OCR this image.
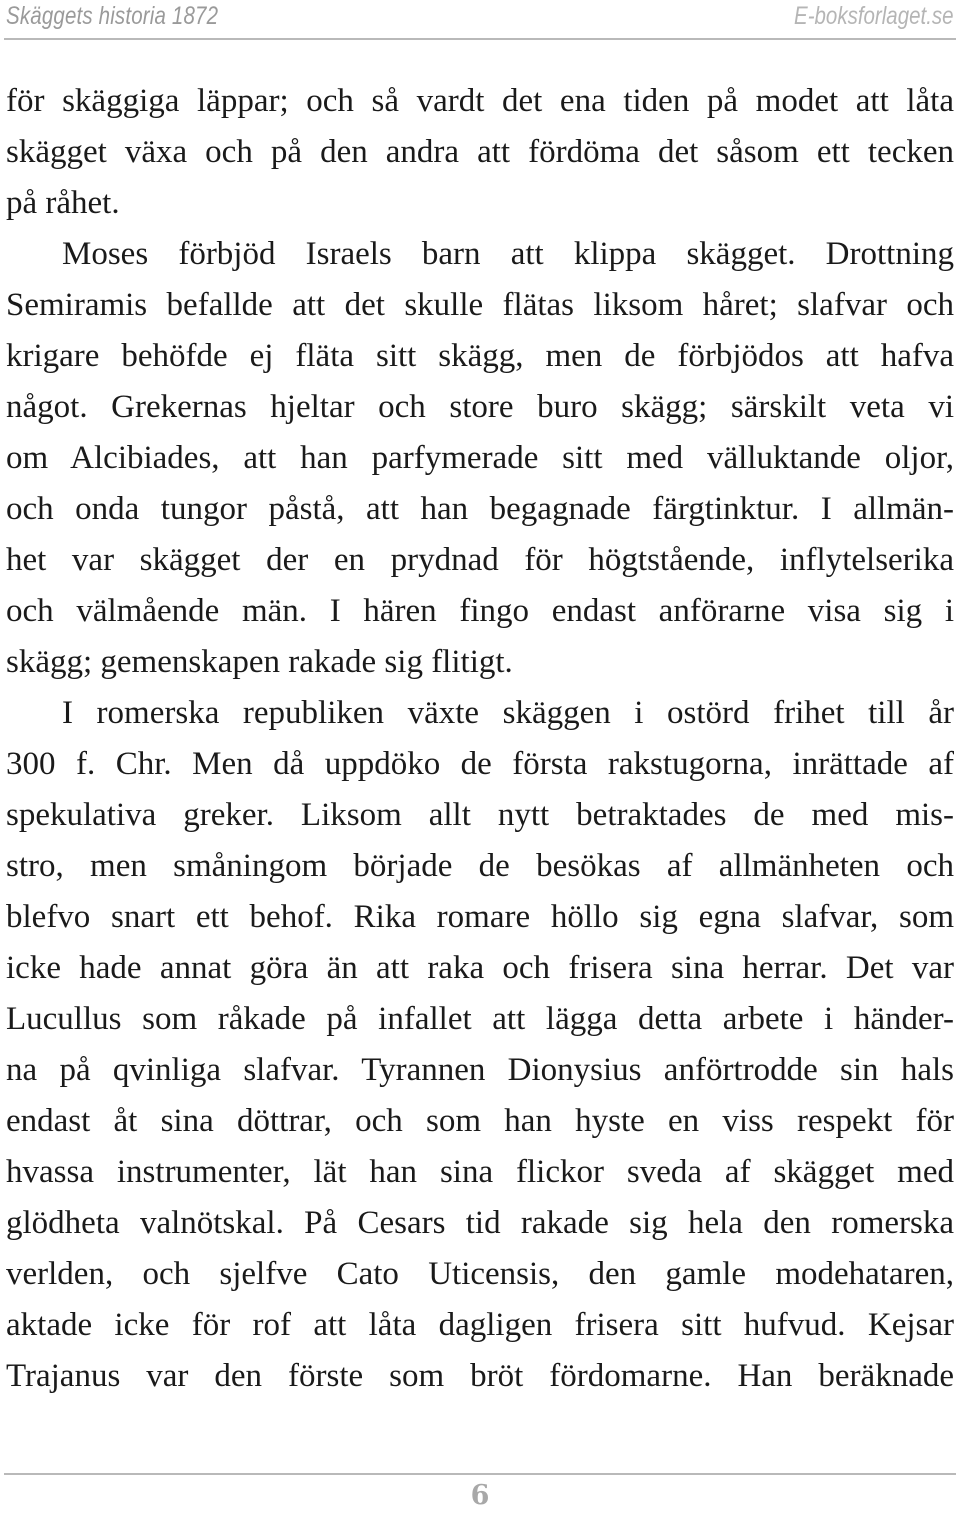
Skäggets historia 1872	E-boksforlaget.se
för skäggiga läppar; och så vardt det ena tiden på modet att låta
skägget växa och på den andra att fördöma det såsom ett tecken
på råhet.
Moses förbjöd Israels barn att klippa skägget. Drottning
Semiramis befallde att det skulle flätas liksom håret; slafvar och
krigare behöfde ej fläta sitt skägg, men de förbjödos att hafva
något. Grekernas hjeltar och store buro skägg; särskilt veta vi
om Alcibiades, att han parfymerade sitt med välluktande oljor,
och onda tungor påstå, att han begagnade färgtinktur. I allmän-
het var skägget der en prydnad för högtstående, inflytelserika
och välmående män. I hären fingo endast anförarne visa sig i
skägg; gemenskapen rakade sig flitigt.
I romerska republiken växte skäggen i ostörd frihet till år
300 f. Chr. Men då uppdöko de första rakstugorna, inrättade af
spekulativa greker. Liksom allt nytt betraktades de med mis-
stro, men småningom började de besökas af allmänheten och
blefvo snart ett behof. Rika romare höllo sig egna slafvar, som
icke hade annat göra än att raka och frisera sina herrar. Det var
Lucullus som råkade på infallet att lägga detta arbete i händer-
na på qvinliga slafvar. Tyrannen Dionysius anförtrodde sin hals
endast åt sina döttrar, och som han hyste en viss respekt för
hvassa instrumenter, lät han sina flickor sveda af skägget med
glödheta valnötskal. På Cesars tid rakade sig hela den romerska
verlden, och sjelfve Cato Uticensis, den gamle modehataren,
aktade icke för rof att låta dagligen frisera sitt hufvud. Kejsar
Trajanus var den förste som bröt fördomarne. Han beräknade
6
